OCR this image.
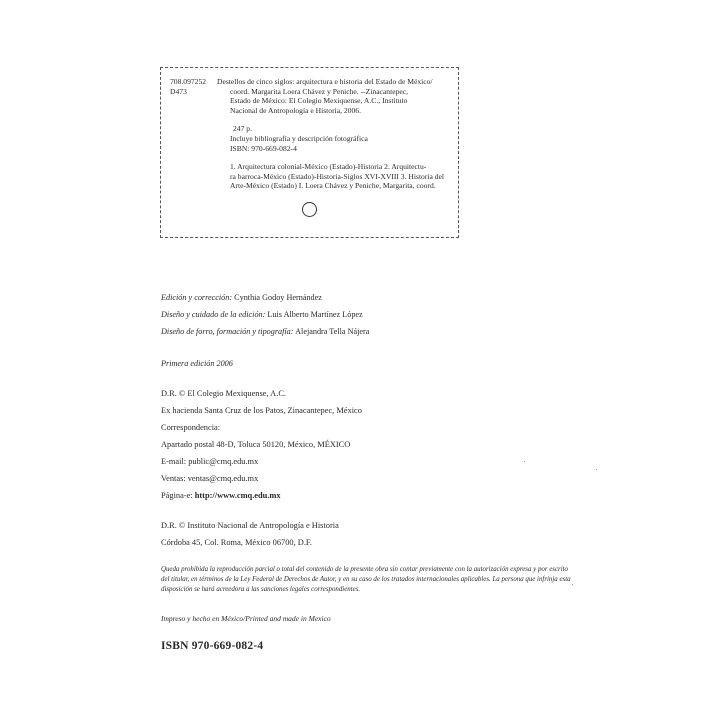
708.097252
D473
Destellos de cinco siglos: arquitectura e historia del Estado de México/
coord. Margarita Loera Chávez y Peniche. --Zinacantepec,
Estado de México: El Colegio Mexiquense, A.C., Instituto
Nacional de Antropología e Historia, 2006.
247 p.
Incluye bibliografía y descripción fotográfica
ISBN: 970-669-082-4
1. Arquitectura colonial-México (Estado)-Historia 2. Arquitectu-
ra barroca-México (Estado)-Historia-Siglos XVI-XVIII 3. Historia del
Arte-México (Estado) I. Loera Chávez y Peniche, Margarita, coord.
Edición y corrección: Cynthia Godoy Hernández
Diseño y cuidado de la edición: Luis Alberto Martínez López
Diseño de forro, formación y tipografía: Alejandra Tella Nájera
Primera edición 2006
D.R. © El Colegio Mexiquense, A.C.
Ex hacienda Santa Cruz de los Patos, Zinacantepec, México
Correspondencia:
Apartado postal 48-D, Toluca 50120, México, MÉXICO
E-mail: public@cmq.edu.mx
Ventas: ventas@cmq.edu.mx
Página-e: http://www.cmq.edu.mx
D.R. © Instituto Nacional de Antropología e Historia
Córdoba 45, Col. Roma, México 06700, D.F.
Queda prohibida la reproducción parcial o total del contenido de la presente obra sin contar previamente con la autorización expresa y por escrito del titular, en términos de la Ley Federal de Derechos de Autor, y en su caso de los tratados internacionales aplicables. La persona que infrinja esta disposición se hará acreedora a las sanciones legales correspondientes.
Impreso y hecho en México/Printed and made in Mexico
ISBN 970-669-082-4
